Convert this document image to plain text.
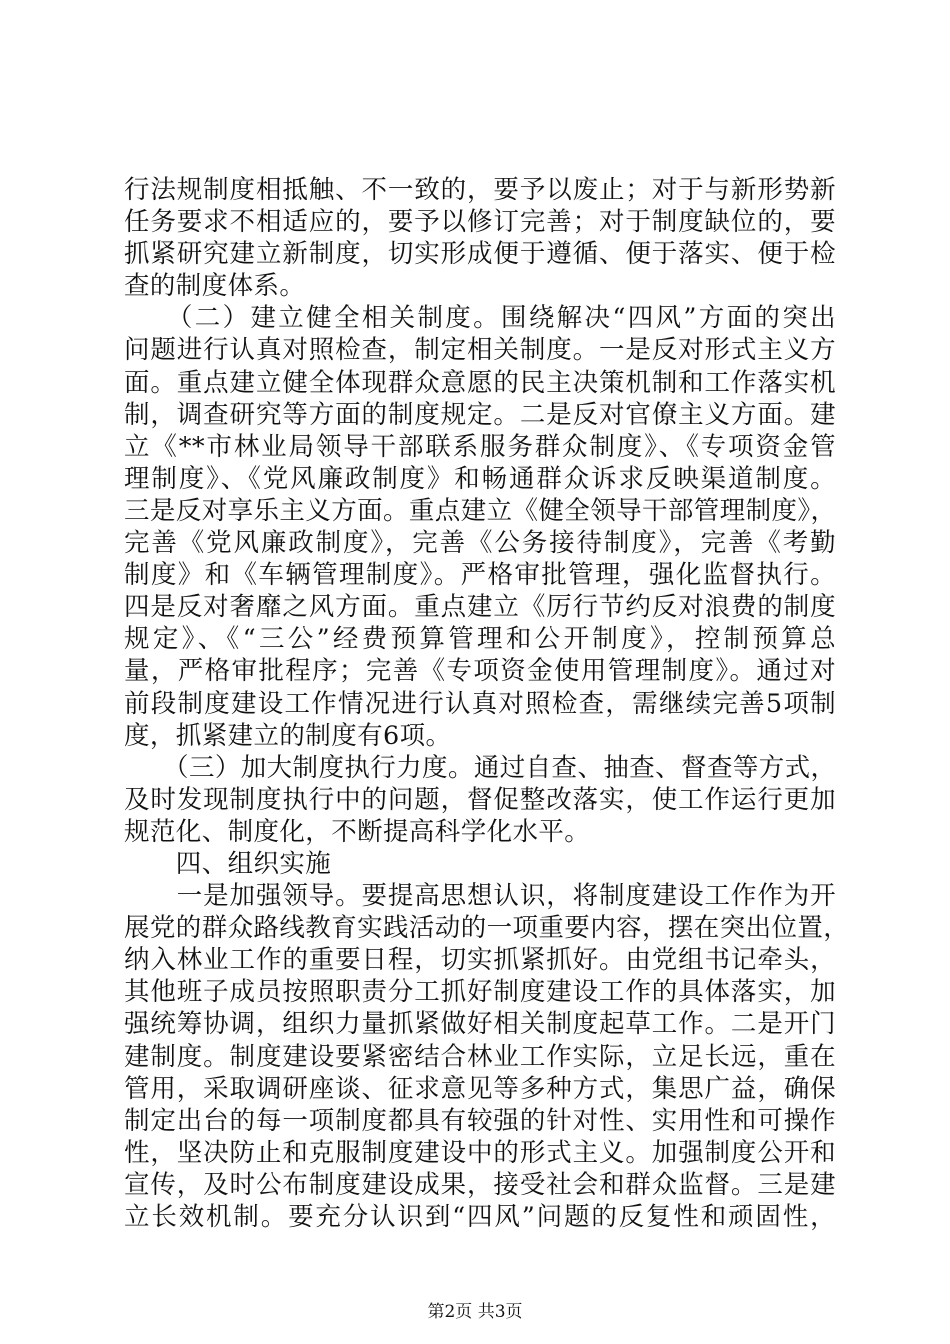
行法规制度相抵触、不一致的，要予以废止；对于与新形势新
任务要求不相适应的，要予以修订完善；对于制度缺位的，要
抓紧研究建立新制度，切实形成便于遵循、便于落实、便于检
查的制度体系。
　　（二）建立健全相关制度。围绕解决“四风”方面的突出
问题进行认真对照检查，制定相关制度。一是反对形式主义方
面。重点建立健全体现群众意愿的民主决策机制和工作落实机
制，调查研究等方面的制度规定。二是反对官僚主义方面。建
立《**市林业局领导干部联系服务群众制度》、《专项资金管
理制度》、《党风廉政制度》和畅通群众诉求反映渠道制度。
三是反对享乐主义方面。重点建立《健全领导干部管理制度》，
完善《党风廉政制度》，完善《公务接待制度》，完善《考勤
制度》和《车辆管理制度》。严格审批管理，强化监督执行。
四是反对奢靡之风方面。重点建立《厉行节约反对浪费的制度
规定》、《“三公”经费预算管理和公开制度》，控制预算总
量，严格审批程序；完善《专项资金使用管理制度》。通过对
前段制度建设工作情况进行认真对照检查，需继续完善5项制
度，抓紧建立的制度有6项。
　　（三）加大制度执行力度。通过自查、抽查、督查等方式，
及时发现制度执行中的问题，督促整改落实，使工作运行更加
规范化、制度化，不断提高科学化水平。
　　四、组织实施
　　一是加强领导。要提高思想认识，将制度建设工作作为开
展党的群众路线教育实践活动的一项重要内容，摆在突出位置，
纳入林业工作的重要日程，切实抓紧抓好。由党组书记牵头，
其他班子成员按照职责分工抓好制度建设工作的具体落实，加
强统筹协调，组织力量抓紧做好相关制度起草工作。二是开门
建制度。制度建设要紧密结合林业工作实际，立足长远，重在
管用，采取调研座谈、征求意见等多种方式，集思广益，确保
制定出台的每一项制度都具有较强的针对性、实用性和可操作
性，坚决防止和克服制度建设中的形式主义。加强制度公开和
宣传，及时公布制度建设成果，接受社会和群众监督。三是建
立长效机制。要充分认识到“四风”问题的反复性和顽固性，
第2页 共3页
